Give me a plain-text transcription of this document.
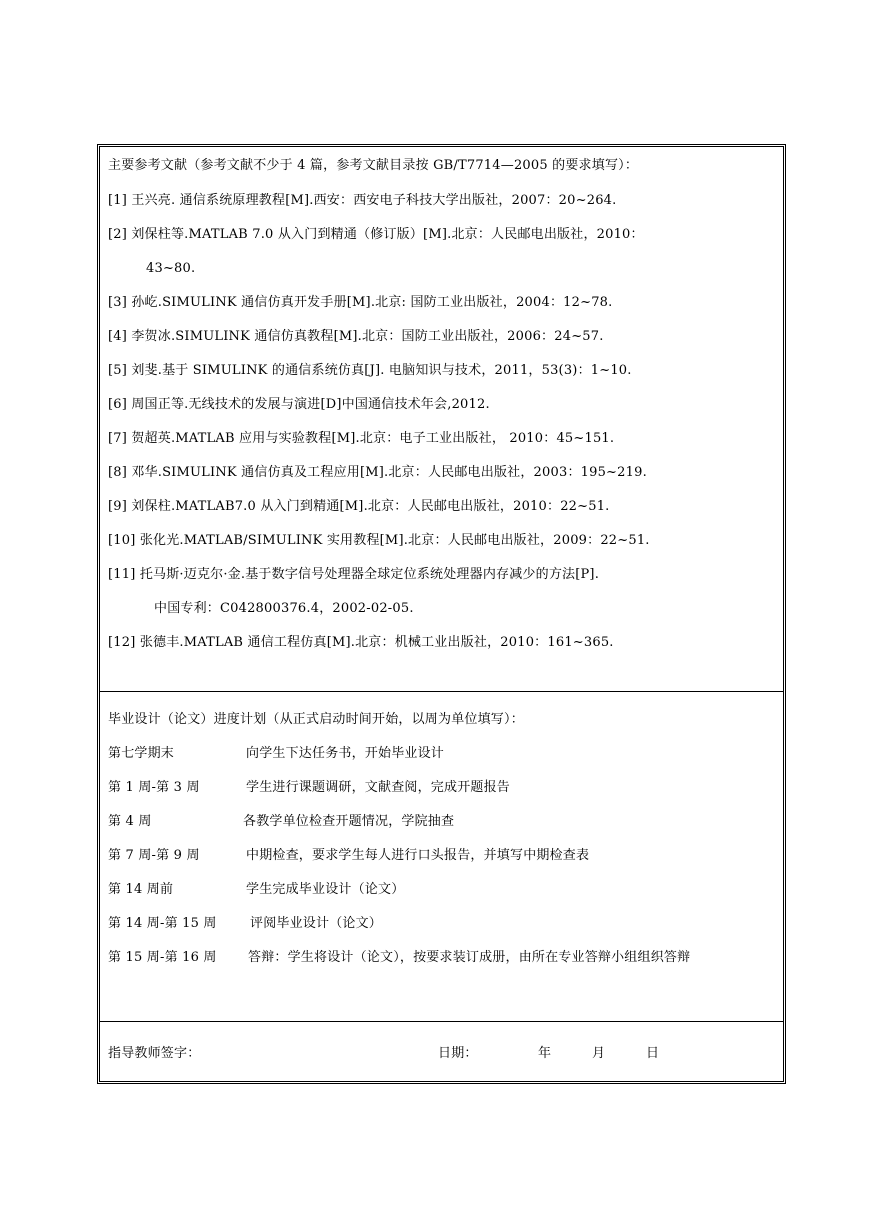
主要参考文献（参考文献不少于 4 篇，参考文献目录按 GB/T7714—2005 的要求填写）：
[1] 王兴亮. 通信系统原理教程[M].西安：西安电子科技大学出版社，2007：20~264.
[2] 刘保柱等.MATLAB 7.0 从入门到精通（修订版）[M].北京：人民邮电出版社，2010：
43~80.
[3] 孙屹.SIMULINK 通信仿真开发手册[M].北京: 国防工业出版社，2004：12~78.
[4] 李贺冰.SIMULINK 通信仿真教程[M].北京：国防工业出版社，2006：24~57.
[5] 刘斐.基于 SIMULINK 的通信系统仿真[J]. 电脑知识与技术，2011，53(3)：1~10.
[6] 周国正等.无线技术的发展与演进[D]中国通信技术年会,2012.
[7] 贺超英.MATLAB 应用与实验教程[M].北京：电子工业出版社， 2010：45~151.
[8] 邓华.SIMULINK 通信仿真及工程应用[M].北京：人民邮电出版社，2003：195~219.
[9] 刘保柱.MATLAB7.0 从入门到精通[M].北京：人民邮电出版社，2010：22~51.
[10] 张化光.MATLAB/SIMULINK 实用教程[M].北京：人民邮电出版社，2009：22~51.
[11] 托马斯·迈克尔·金.基于数字信号处理器全球定位系统处理器内存减少的方法[P].
中国专利：C042800376.4，2002-02-05.
[12] 张德丰.MATLAB 通信工程仿真[M].北京：机械工业出版社，2010：161~365.
毕业设计（论文）进度计划（从正式启动时间开始，以周为单位填写）：
第七学期末	向学生下达任务书，开始毕业设计
第 1 周-第 3 周	学生进行课题调研，文献查阅，完成开题报告
第 4 周	各教学单位检查开题情况，学院抽查
第 7 周-第 9 周	中期检查，要求学生每人进行口头报告，并填写中期检查表
第 14 周前	学生完成毕业设计（论文）
第 14 周-第 15 周	评阅毕业设计（论文）
第 15 周-第 16 周 答辩：学生将设计（论文），按要求装订成册，由所在专业答辩小组组织答辩
指导教师签字：	日期：	年	月	日
